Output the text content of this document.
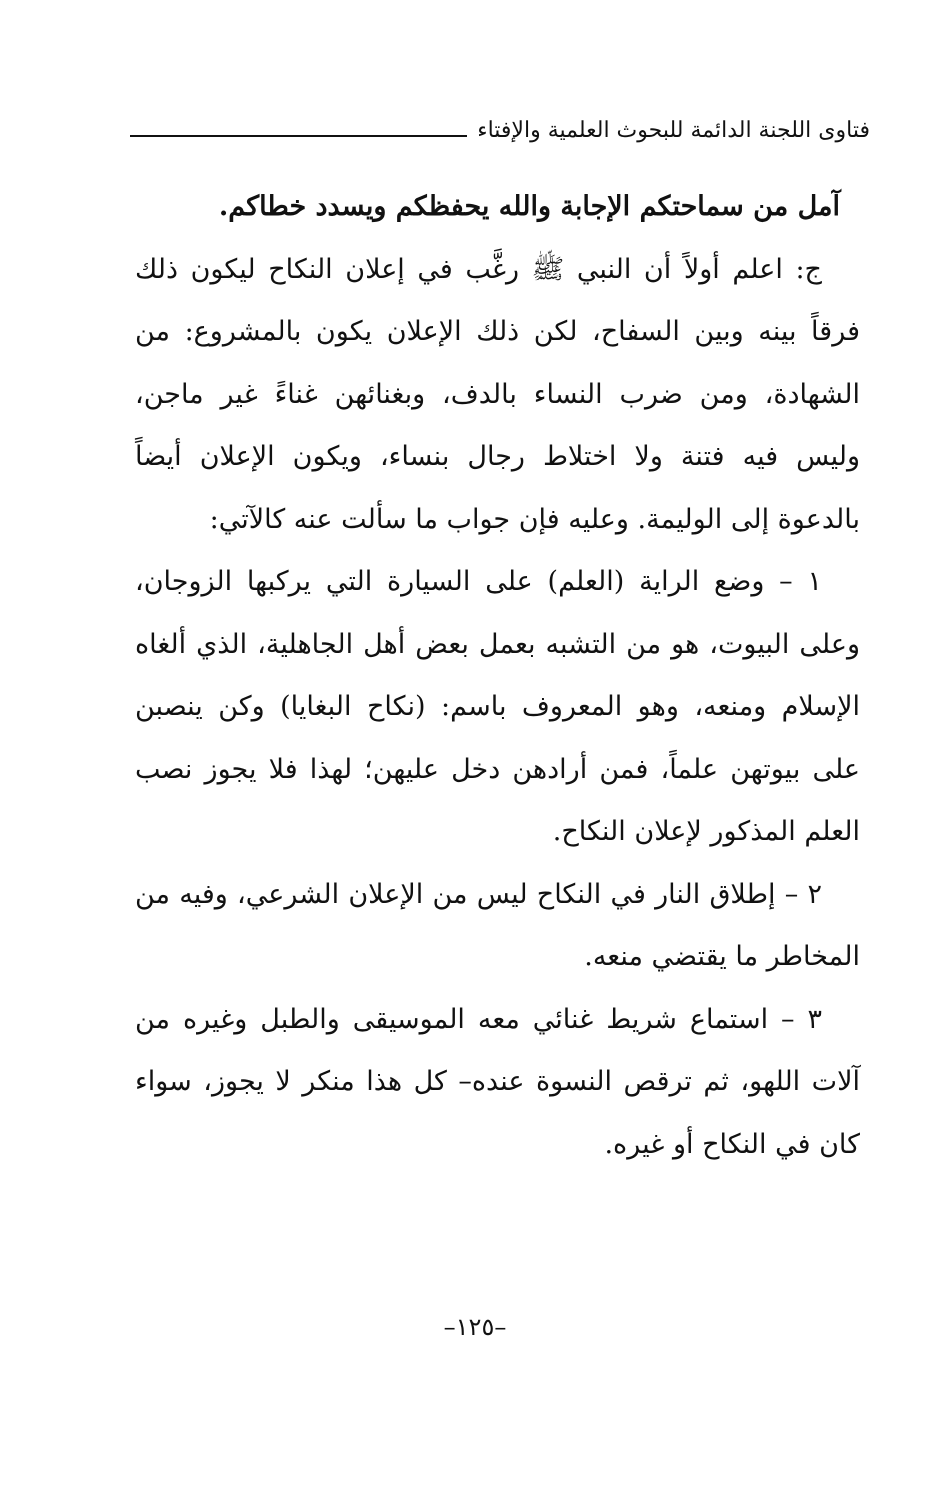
فتاوى اللجنة الدائمة للبحوث العلمية والإفتاء

آمل من سماحتكم الإجابة والله يحفظكم ويسدد خطاكم.

ج: اعلم أولاً أن النبي ﷺ رغَّب في إعلان النكاح ليكون ذلك فرقاً بينه وبين السفاح، لكن ذلك الإعلان يكون بالمشروع: من الشهادة، ومن ضرب النساء بالدف، وبغنائهن غناءً غير ماجن، وليس فيه فتنة ولا اختلاط رجال بنساء، ويكون الإعلان أيضاً بالدعوة إلى الوليمة. وعليه فإن جواب ما سألت عنه كالآتي:

١ – وضع الراية (العلم) على السيارة التي يركبها الزوجان، وعلى البيوت، هو من التشبه بعمل بعض أهل الجاهلية، الذي ألغاه الإسلام ومنعه، وهو المعروف باسم: (نكاح البغايا) وكن ينصبن على بيوتهن علماً، فمن أرادهن دخل عليهن؛ لهذا فلا يجوز نصب العلم المذكور لإعلان النكاح.

٢ – إطلاق النار في النكاح ليس من الإعلان الشرعي، وفيه من المخاطر ما يقتضي منعه.

٣ – استماع شريط غنائي معه الموسيقى والطبل وغيره من آلات اللهو، ثم ترقص النسوة عنده– كل هذا منكر لا يجوز، سواء كان في النكاح أو غيره.

–١٢٥–
